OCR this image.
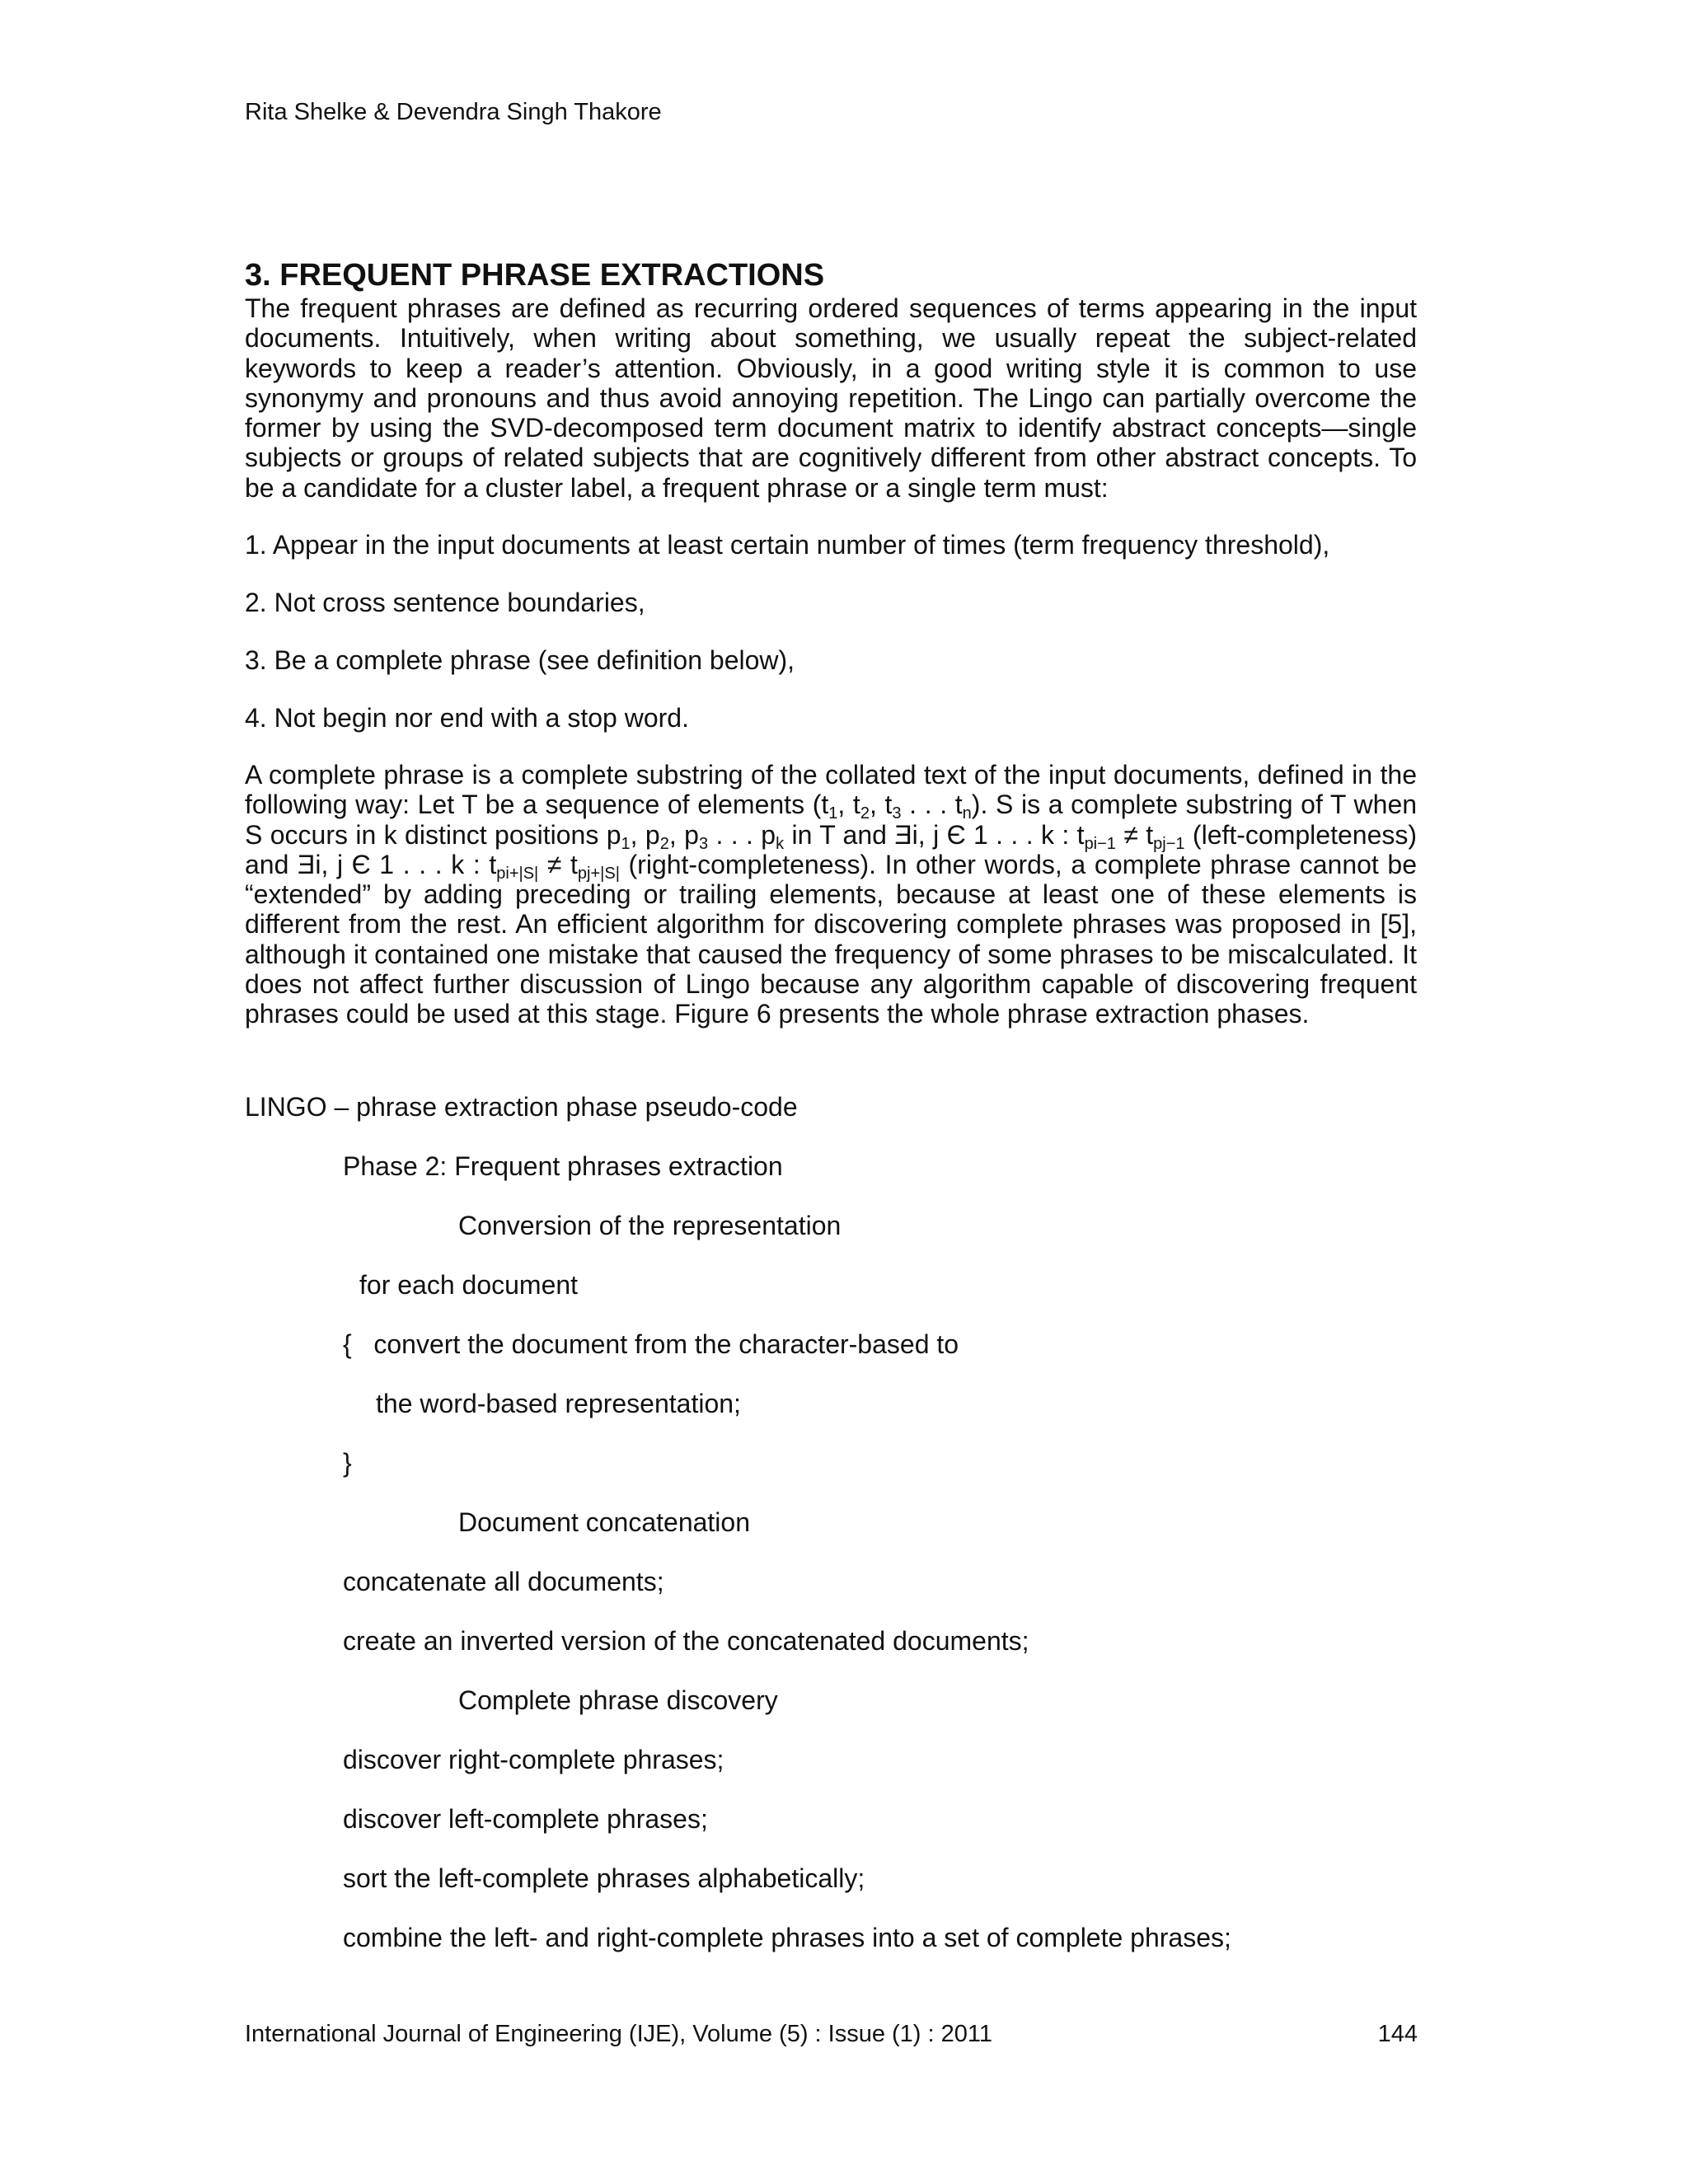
Rita Shelke & Devendra Singh Thakore
3. FREQUENT PHRASE EXTRACTIONS
The frequent phrases are defined as recurring ordered sequences of terms appearing in the input documents. Intuitively, when writing about something, we usually repeat the subject-related keywords to keep a reader’s attention. Obviously, in a good writing style it is common to use synonymy and pronouns and thus avoid annoying repetition. The Lingo can partially overcome the former by using the SVD-decomposed term document matrix to identify abstract concepts—single subjects or groups of related subjects that are cognitively different from other abstract concepts. To be a candidate for a cluster label, a frequent phrase or a single term must:
1. Appear in the input documents at least certain number of times (term frequency threshold),
2. Not cross sentence boundaries,
3. Be a complete phrase (see definition below),
4. Not begin nor end with a stop word.
A complete phrase is a complete substring of the collated text of the input documents, defined in the following way: Let T be a sequence of elements ($t_1$, $t_2$, $t_3$ . . . $t_n$). S is a complete substring of T when S occurs in k distinct positions $p_1$, $p_2$, $p_3$ . . . $p_k$ in T and Ǝi, j Є 1 . . . k : $t_{pi-1} \ne t_{pj-1}$ (left-completeness) and Ǝi, j Є 1 . . . k : $t_{pi+|S|} \ne t_{pj+|S|}$ (right-completeness). In other words, a complete phrase cannot be “extended” by adding preceding or trailing elements, because at least one of these elements is different from the rest. An efficient algorithm for discovering complete phrases was proposed in [5], although it contained one mistake that caused the frequency of some phrases to be miscalculated. It does not affect further discussion of Lingo because any algorithm capable of discovering frequent phrases could be used at this stage. Figure 6 presents the whole phrase extraction phases.
LINGO – phrase extraction phase pseudo-code
Phase 2: Frequent phrases extraction
Conversion of the representation
for each document
{   convert the document from the character-based to
the word-based representation;
}
Document concatenation
concatenate all documents;
create an inverted version of the concatenated documents;
Complete phrase discovery
discover right-complete phrases;
discover left-complete phrases;
sort the left-complete phrases alphabetically;
combine the left- and right-complete phrases into a set of complete phrases;
International Journal of Engineering (IJE), Volume (5) : Issue (1) : 2011	144
